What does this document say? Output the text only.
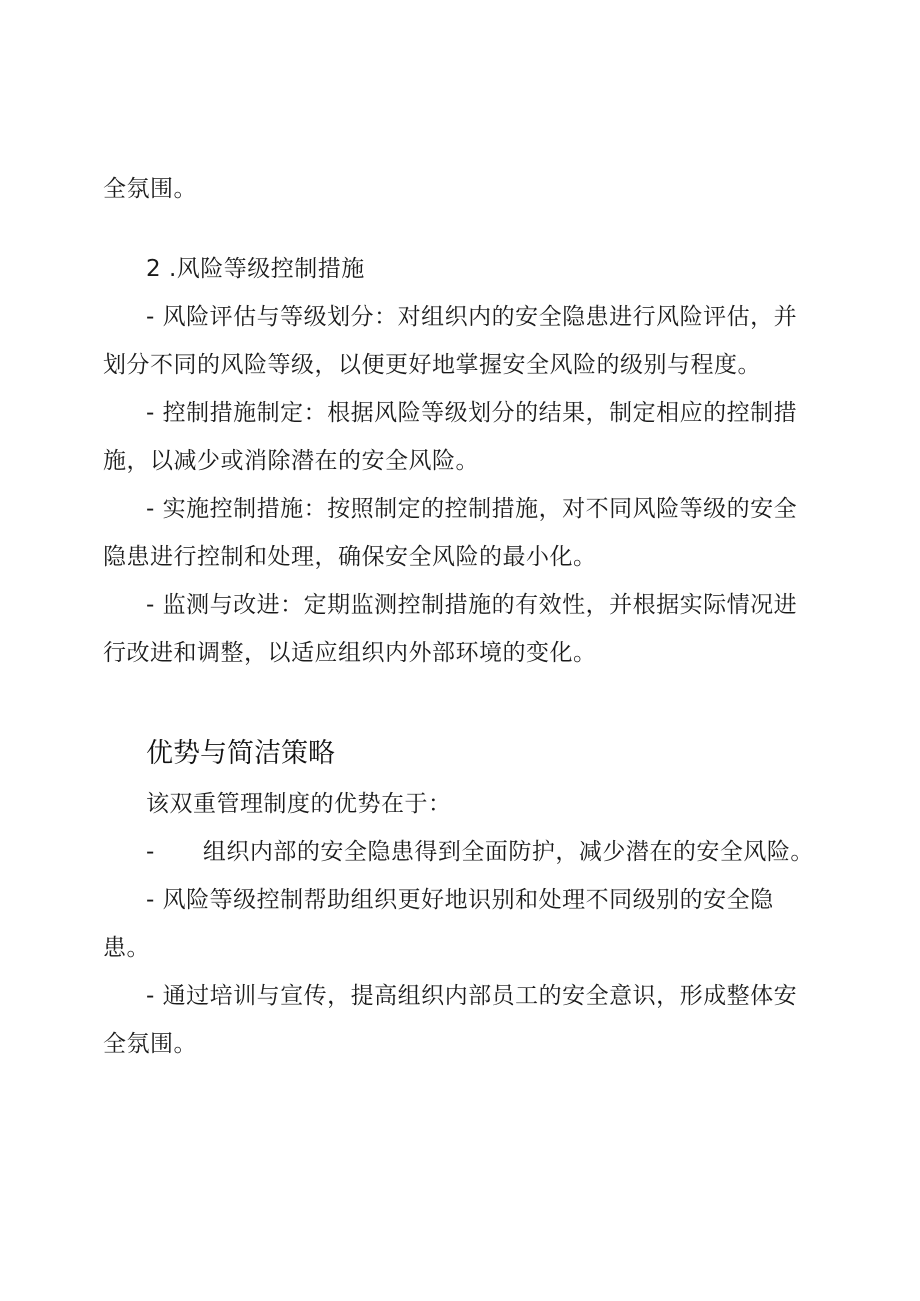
全氛围。
2 .风险等级控制措施
- 风险评估与等级划分：对组织内的安全隐患进行风险评估，并
划分不同的风险等级，以便更好地掌握安全风险的级别与程度。
- 控制措施制定：根据风险等级划分的结果，制定相应的控制措
施，以减少或消除潜在的安全风险。
- 实施控制措施：按照制定的控制措施，对不同风险等级的安全
隐患进行控制和处理，确保安全风险的最小化。
- 监测与改进：定期监测控制措施的有效性，并根据实际情况进
行改进和调整，以适应组织内外部环境的变化。
优势与简洁策略
该双重管理制度的优势在于：
- 组织内部的安全隐患得到全面防护，减少潜在的安全风险。
- 风险等级控制帮助组织更好地识别和处理不同级别的安全隐
患。
- 通过培训与宣传，提高组织内部员工的安全意识，形成整体安
全氛围。
